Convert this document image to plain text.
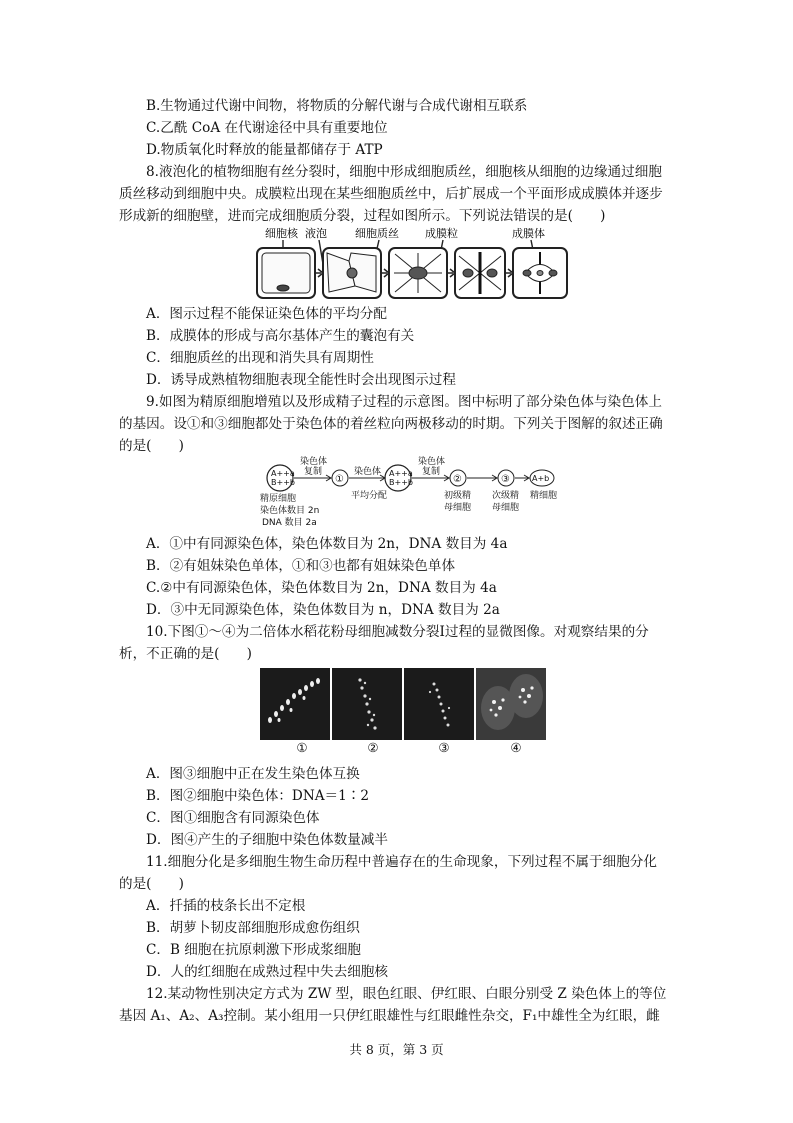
B.生物通过代谢中间物，将物质的分解代谢与合成代谢相互联系
C.乙酰 CoA 在代谢途径中具有重要地位
D.物质氧化时释放的能量都储存于 ATP
8.液泡化的植物细胞有丝分裂时，细胞中形成细胞质丝，细胞核从细胞的边缘通过细胞
质丝移动到细胞中央。成膜粒出现在某些细胞质丝中，后扩展成一个平面形成成膜体并逐步
形成新的细胞壁，进而完成细胞质分裂，过程如图所示。下列说法错误的是(　　)
细胞核 液泡	细胞质丝 成膜粒	成膜体
A．图示过程不能保证染色体的平均分配
B．成膜体的形成与高尔基体产生的囊泡有关
C．细胞质丝的出现和消失具有周期性
D．诱导成熟植物细胞表现全能性时会出现图示过程
9.如图为精原细胞增殖以及形成精子过程的示意图。图中标明了部分染色体与染色体上
的基因。设①和③细胞都处于染色体的着丝粒向两极移动的时期。下列关于图解的叙述正确
的是(　　)
A++a
B++b
染色体
复制
①
染色体
平均分配
A++a
B++b
染色体
复制
②	③	A+b
精原细胞
染色体数目 2n
DNA 数目 2a
初级精
母细胞
次级精
母细胞
精细胞
A．①中有同源染色体，染色体数目为 2n，DNA 数目为 4a
B．②有姐妹染色单体，①和③也都有姐妹染色单体
C.②中有同源染色体，染色体数目为 2n，DNA 数目为 4a
D．③中无同源染色体，染色体数目为 n，DNA 数目为 2a
10.下图①～④为二倍体水稻花粉母细胞减数分裂Ⅰ过程的显微图像。对观察结果的分
析，不正确的是(　　)
①	②	③	④
A．图③细胞中正在发生染色体互换
B．图②细胞中染色体：DNA＝1∶2
C．图①细胞含有同源染色体
D．图④产生的子细胞中染色体数量减半
11.细胞分化是多细胞生物生命历程中普遍存在的生命现象，下列过程不属于细胞分化
的是(　　)
A．扦插的枝条长出不定根
B．胡萝卜韧皮部细胞形成愈伤组织
C．B 细胞在抗原刺激下形成浆细胞
D．人的红细胞在成熟过程中失去细胞核
12.某动物性别决定方式为 ZW 型，眼色红眼、伊红眼、白眼分别受 Z 染色体上的等位
基因 A₁、A₂、A₃控制。某小组用一只伊红眼雄性与红眼雌性杂交，F₁中雄性全为红眼，雌
共 8 页，第 3 页
